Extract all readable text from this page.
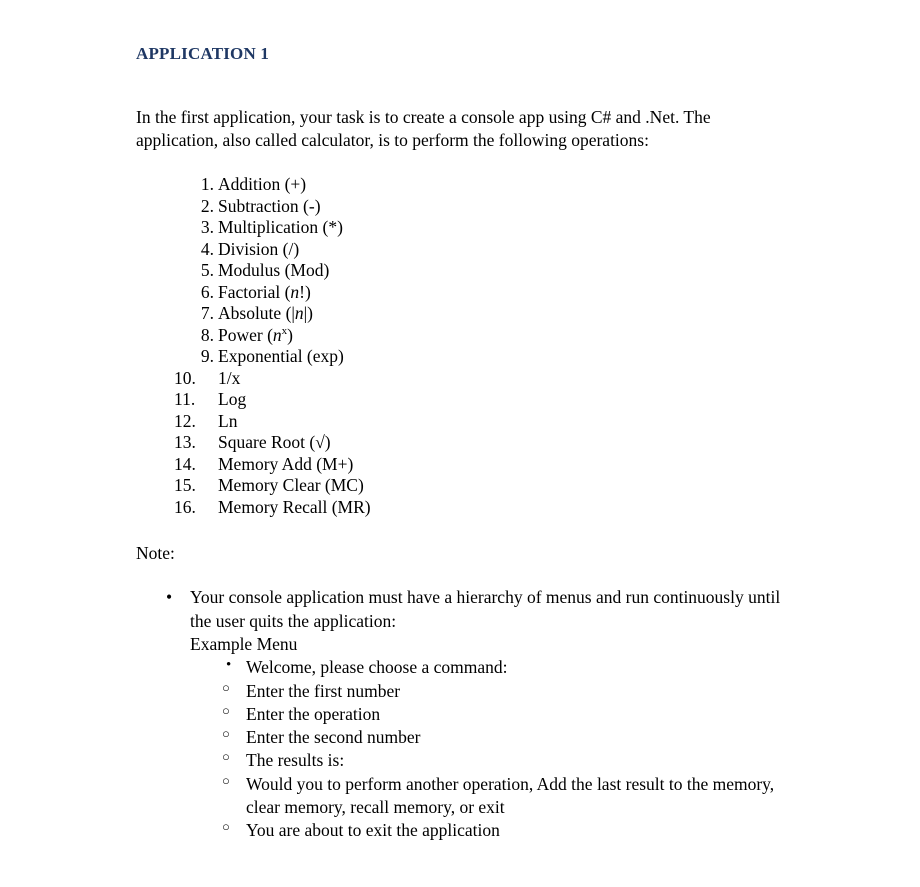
APPLICATION 1

In the first application, your task is to create a console app using C# and .Net. The application, also called calculator, is to perform the following operations:

1. Addition (+)
2. Subtraction (-)
3. Multiplication (*)
4. Division (/)
5. Modulus (Mod)
6. Factorial (n!)
7. Absolute (|n|)
8. Power $(n^x)$
9. Exponential (exp)
10.	1/x
11.	Log
12.	Ln
13.	Square Root (√)
14.	Memory Add (M+)
15.	Memory Clear (MC)
16.	Memory Recall (MR)

Note:

• Your console application must have a hierarchy of menus and run continuously until the user quits the application:
Example Menu
• Welcome, please choose a command:
○ Enter the first number
○ Enter the operation
○ Enter the second number
○ The results is:
○ Would you to perform another operation, Add the last result to the memory, clear memory, recall memory, or exit
○ You are about to exit the application
